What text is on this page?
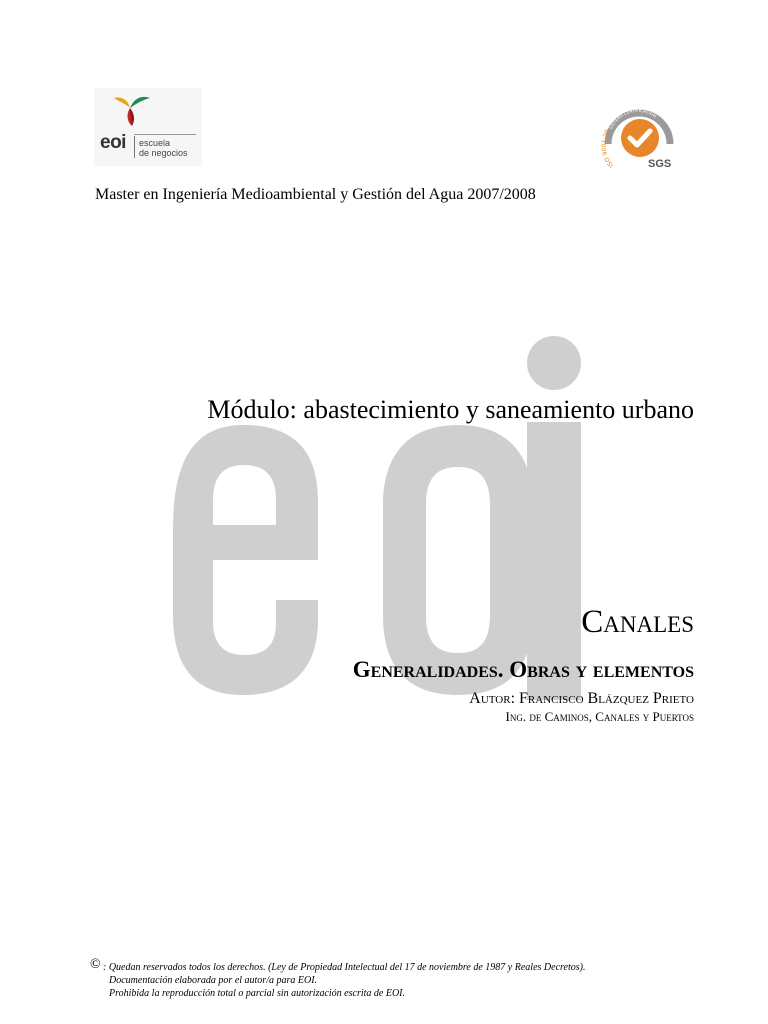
eoi escuela
de negocios
SISTEMA CERTIFICACION
ISO 9001:20
SGS
Master en Ingeniería Medioambiental y Gestión del Agua 2007/2008
Módulo: abastecimiento y saneamiento urbano
Canales
Generalidades. Obras y elementos
Autor: Francisco Blázquez Prieto
Ing. de Caminos, Canales y Puertos
© : Quedan reservados todos los derechos. (Ley de Propiedad Intelectual del 17 de noviembre de 1987 y Reales Decretos).
Documentación elaborada por el autor/a para EOI.
Prohibida la reproducción total o parcial sin autorización escrita de EOI.
